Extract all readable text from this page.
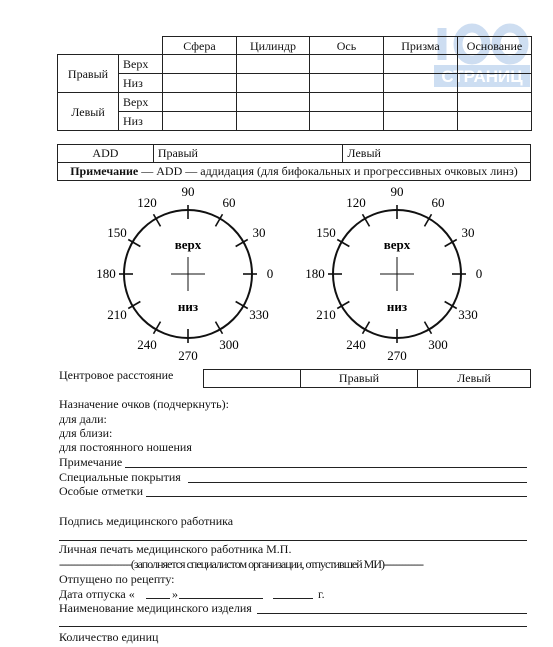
СТРАНИЦ
		Сфера	Цилиндр	Ось	Призма	Основание
Правый	Верх					
	Низ					
Левый	Верх					
	Низ					
ADD	Правый	Левый
Примечание — ADD — аддидация (для бифокальных и прогрессивных очковых линз)
0
30
60
90
120
150
180
210
240
270
300
330
верх
низ
0
30
60
90
120
150
180
210
240
270
300
330
верх
низ
Центровое расстояние
		Правый	Левый
Назначение очков (подчеркнуть):
для дали:
для близи:
для постоянного ношения
Примечание
Специальные покрытия
Особые отметки
Подпись медицинского работника
Личная печать медицинского работника М.П.
------------------------(заполняется специалистом организации, отпустившей МИ)-------------
Отпущено по рецепту:
Дата отпуска «	»	г.
Наименование медицинского изделия
Количество единиц
